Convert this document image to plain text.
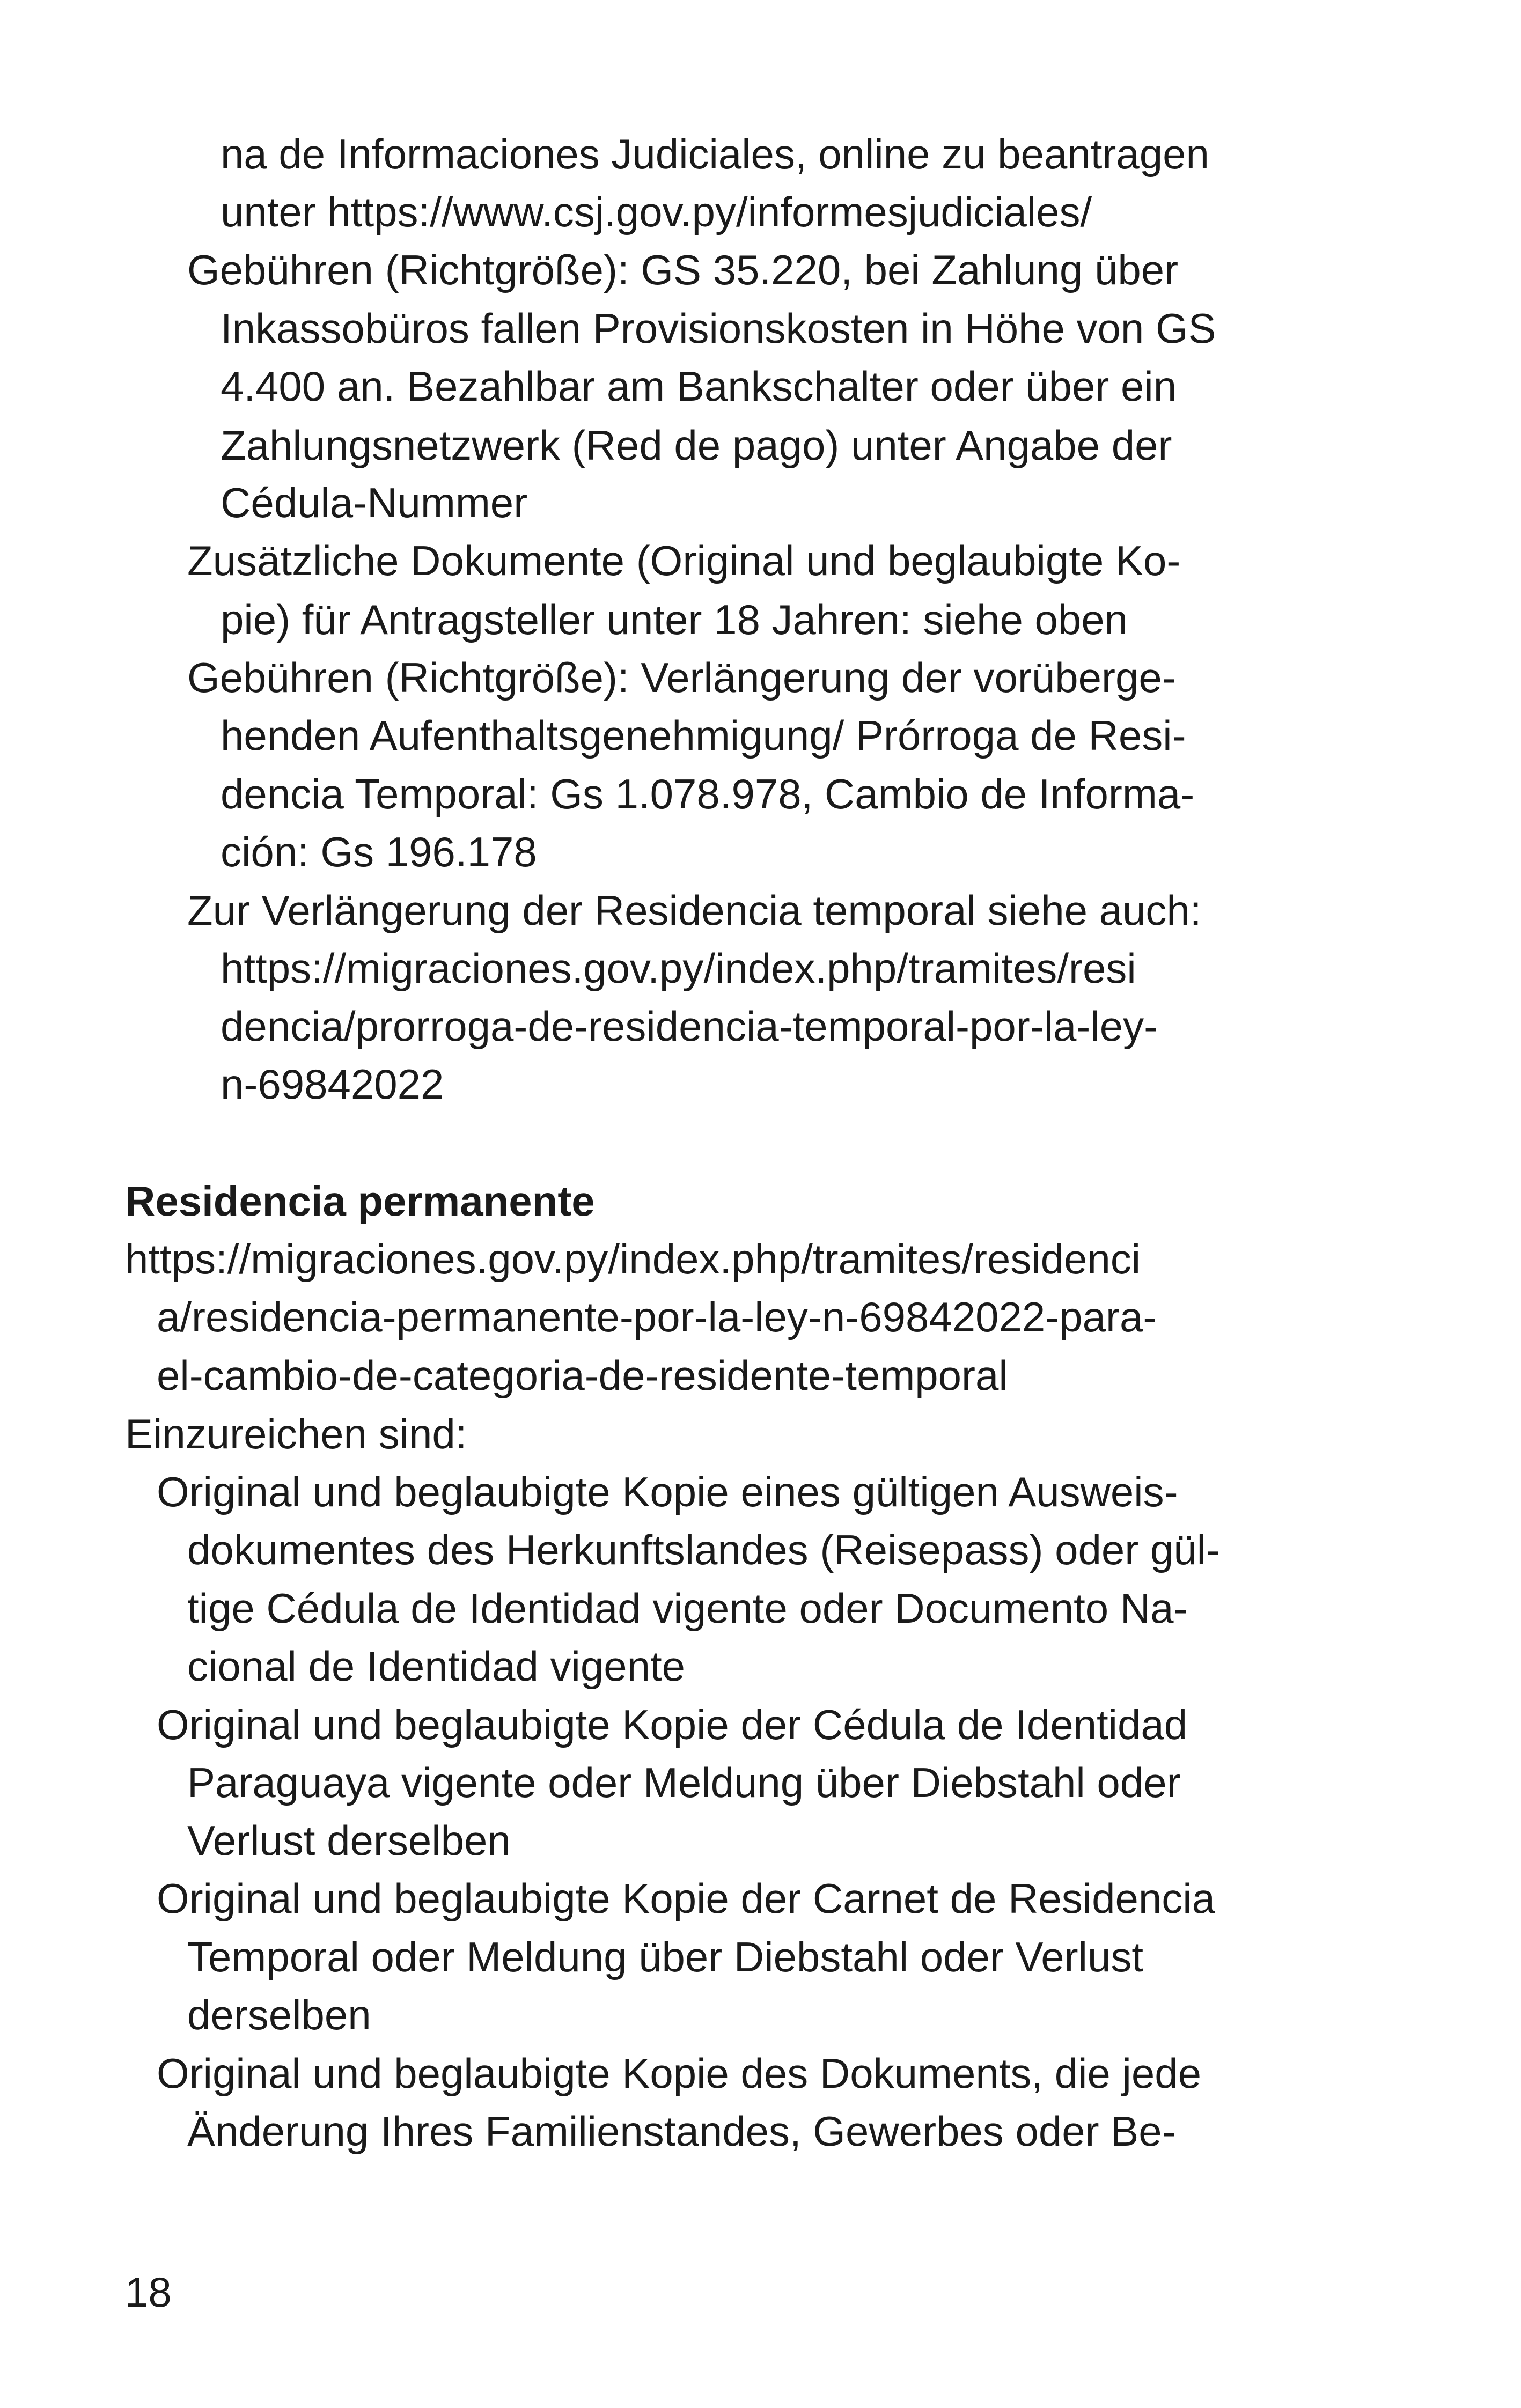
na de Informaciones Judiciales, online zu beantragen
unter https://www.csj.gov.py/informesjudiciales/
Gebühren (Richtgröße): GS 35.220, bei Zahlung über
Inkassobüros fallen Provisionskosten in Höhe von GS
4.400 an. Bezahlbar am Bankschalter oder über ein
Zahlungsnetzwerk (Red de pago) unter Angabe der
Cédula-Nummer
Zusätzliche Dokumente (Original und beglaubigte Ko-
pie) für Antragsteller unter 18 Jahren: siehe oben
Gebühren (Richtgröße): Verlängerung der vorüberge-
henden Aufenthaltsgenehmigung/ Prórroga de Resi-
dencia Temporal: Gs 1.078.978, Cambio de Informa-
ción: Gs 196.178
Zur Verlängerung der Residencia temporal siehe auch:
https://migraciones.gov.py/index.php/tramites/resi
dencia/prorroga-de-residencia-temporal-por-la-ley-
n-69842022
Residencia permanente
https://migraciones.gov.py/index.php/tramites/residenci
a/residencia-permanente-por-la-ley-n-69842022-para-
el-cambio-de-categoria-de-residente-temporal
Einzureichen sind:
Original und beglaubigte Kopie eines gültigen Ausweis-
dokumentes des Herkunftslandes (Reisepass) oder gül-
tige Cédula de Identidad vigente oder Documento Na-
cional de Identidad vigente
Original und beglaubigte Kopie der Cédula de Identidad
Paraguaya vigente oder Meldung über Diebstahl oder
Verlust derselben
Original und beglaubigte Kopie der Carnet de Residencia
Temporal oder Meldung über Diebstahl oder Verlust
derselben
Original und beglaubigte Kopie des Dokuments, die jede
Änderung Ihres Familienstandes, Gewerbes oder Be-
18
